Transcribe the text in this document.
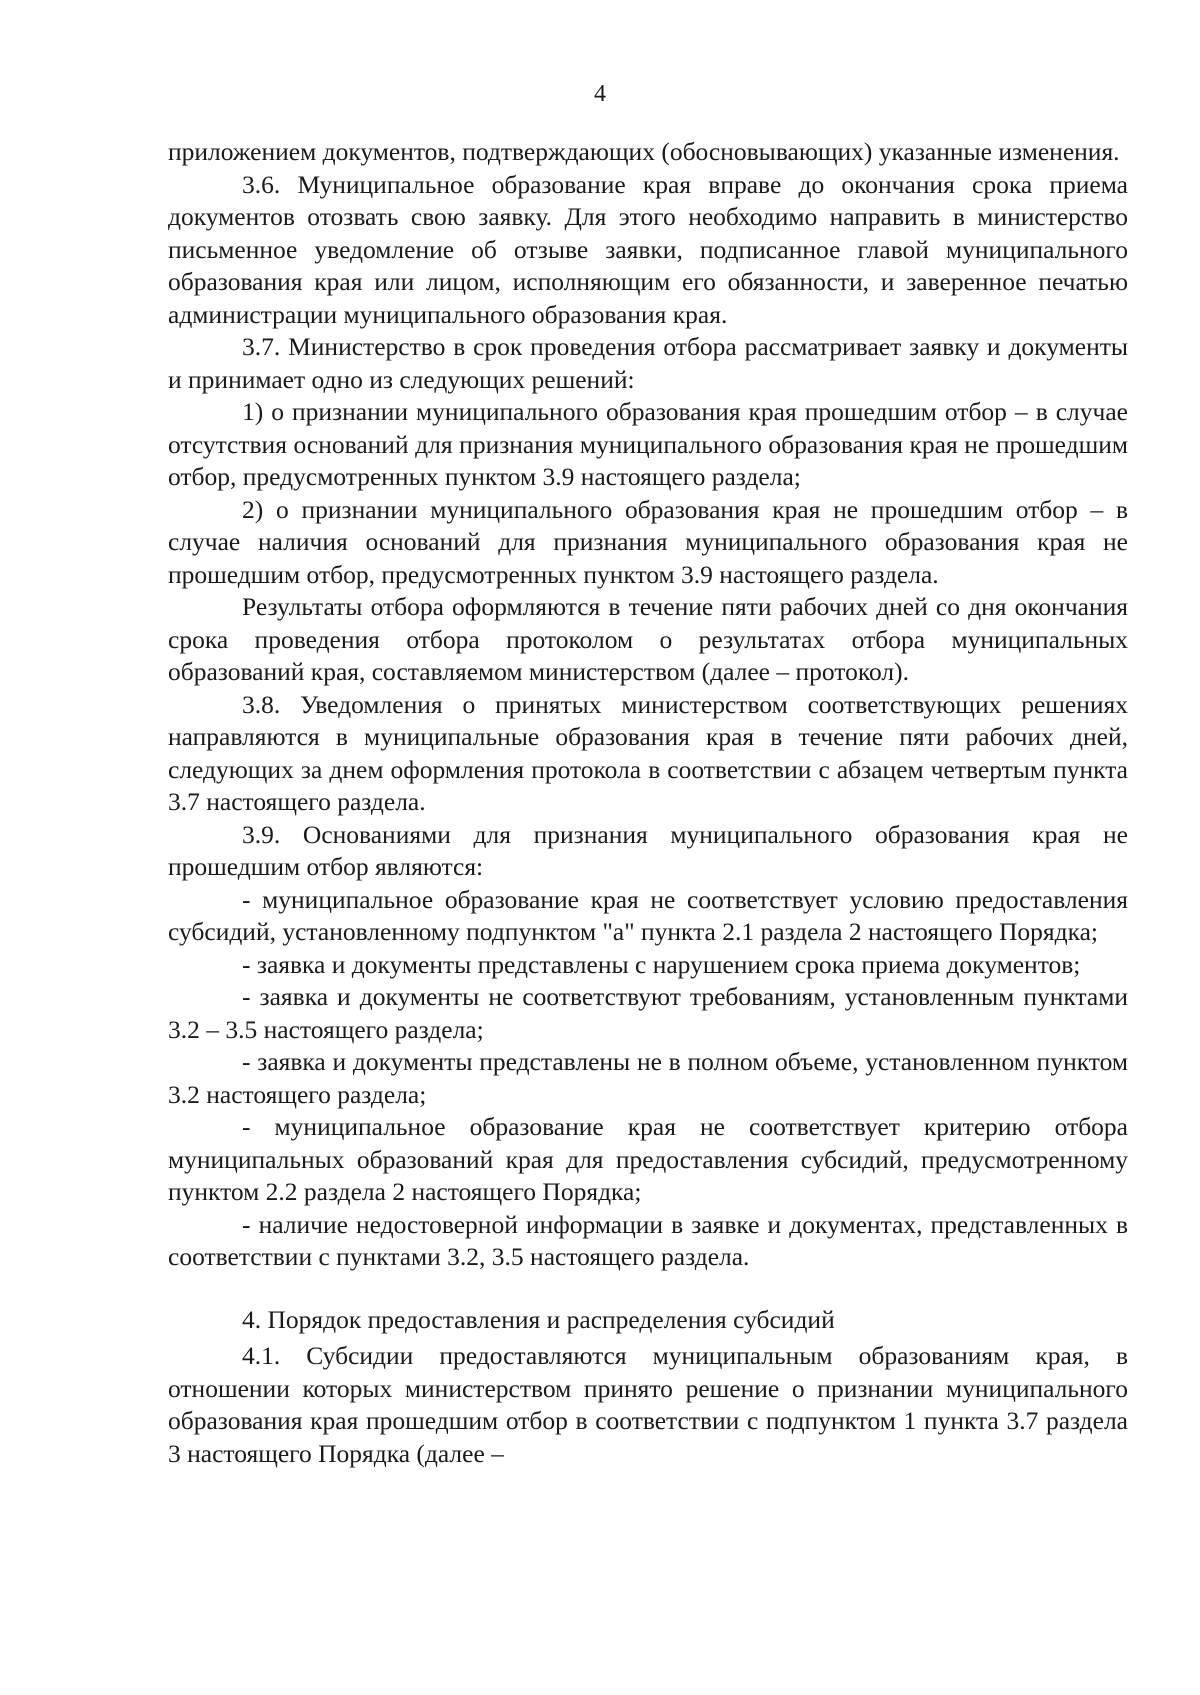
4

приложением документов, подтверждающих (обосновывающих) указанные изменения.

3.6. Муниципальное образование края вправе до окончания срока приема документов отозвать свою заявку. Для этого необходимо направить в министерство письменное уведомление об отзыве заявки, подписанное главой муниципального образования края или лицом, исполняющим его обязанности, и заверенное печатью администрации муниципального образования края.

3.7. Министерство в срок проведения отбора рассматривает заявку и документы и принимает одно из следующих решений:

1) о признании муниципального образования края прошедшим отбор – в случае отсутствия оснований для признания муниципального образования края не прошедшим отбор, предусмотренных пунктом 3.9 настоящего раздела;

2) о признании муниципального образования края не прошедшим отбор – в случае наличия оснований для признания муниципального образования края не прошедшим отбор, предусмотренных пунктом 3.9 настоящего раздела.

Результаты отбора оформляются в течение пяти рабочих дней со дня окончания срока проведения отбора протоколом о результатах отбора муниципальных образований края, составляемом министерством (далее – протокол).

3.8. Уведомления о принятых министерством соответствующих решениях направляются в муниципальные образования края в течение пяти рабочих дней, следующих за днем оформления протокола в соответствии с абзацем четвертым пункта 3.7 настоящего раздела.

3.9. Основаниями для признания муниципального образования края не прошедшим отбор являются:

- муниципальное образование края не соответствует условию предоставления субсидий, установленному подпунктом "а" пункта 2.1 раздела 2 настоящего Порядка;

- заявка и документы представлены с нарушением срока приема документов;

- заявка и документы не соответствуют требованиям, установленным пунктами 3.2 – 3.5 настоящего раздела;

- заявка и документы представлены не в полном объеме, установленном пунктом 3.2 настоящего раздела;

- муниципальное образование края не соответствует критерию отбора муниципальных образований края для предоставления субсидий, предусмотренному пунктом 2.2 раздела 2 настоящего Порядка;

- наличие недостоверной информации в заявке и документах, представленных в соответствии с пунктами 3.2, 3.5 настоящего раздела.

4. Порядок предоставления и распределения субсидий

4.1. Субсидии предоставляются муниципальным образованиям края, в отношении которых министерством принято решение о признании муниципального образования края прошедшим отбор в соответствии с подпунктом 1 пункта 3.7 раздела 3 настоящего Порядка (далее –
